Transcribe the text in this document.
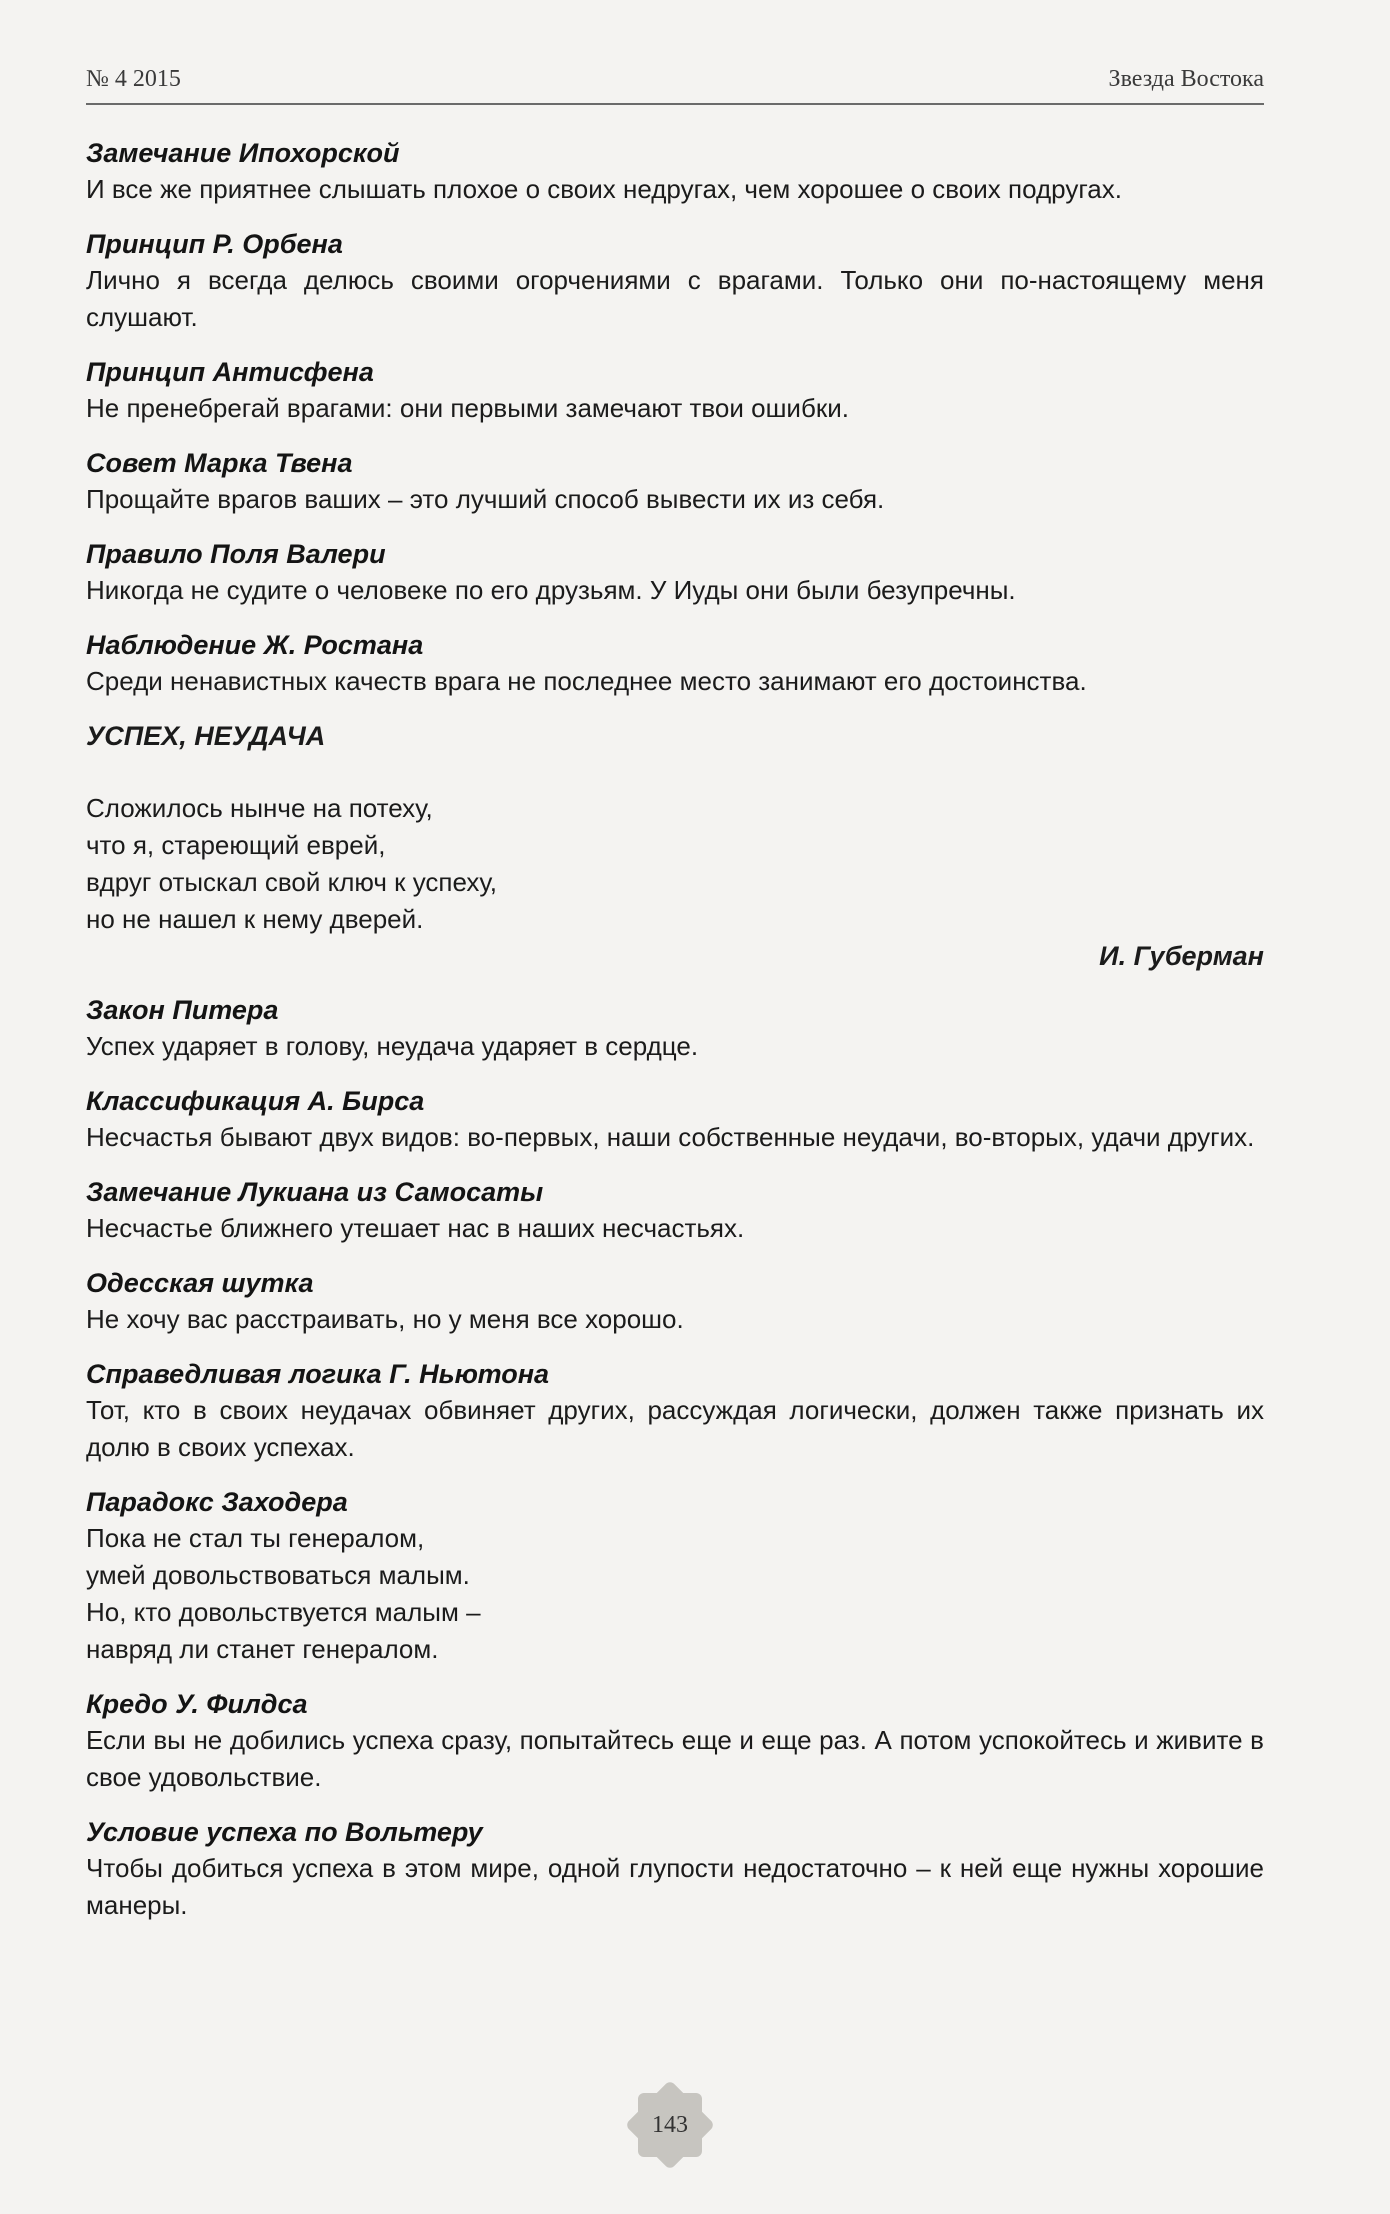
№ 4 2015	Звезда Востока
Замечание Ипохорской
И все же приятнее слышать плохое о своих недругах, чем хорошее о своих подругах.
Принцип Р. Орбена
Лично я всегда делюсь своими огорчениями с врагами. Только они по-настоящему меня слушают.
Принцип Антисфена
Не пренебрегай врагами: они первыми замечают твои ошибки.
Совет Марка Твена
Прощайте врагов ваших – это лучший способ вывести их из себя.
Правило Поля Валери
Никогда не судите о человеке по его друзьям. У Иуды они были безупречны.
Наблюдение Ж. Ростана
Среди ненавистных качеств врага не последнее место занимают его достоинства.
УСПЕХ, НЕУДАЧА
Сложилось нынче на потеху,
что я, стареющий еврей,
вдруг отыскал свой ключ к успеху,
но не нашел к нему дверей.
И. Губерман
Закон Питера
Успех ударяет в голову, неудача ударяет в сердце.
Классификация А. Бирса
Несчастья бывают двух видов: во-первых, наши собственные неудачи, во-вторых, удачи других.
Замечание Лукиана из Самосаты
Несчастье ближнего утешает нас в наших несчастьях.
Одесская шутка
Не хочу вас расстраивать, но у меня все хорошо.
Справедливая логика Г. Ньютона
Тот, кто в своих неудачах обвиняет других, рассуждая логически, должен также признать их долю в своих успехах.
Парадокс Заходера
Пока не стал ты генералом,
умей довольствоваться малым.
Но, кто довольствуется малым –
навряд ли станет генералом.
Кредо У. Филдса
Если вы не добились успеха сразу, попытайтесь еще и еще раз. А потом успокойтесь и живите в свое удовольствие.
Условие успеха по Вольтеру
Чтобы добиться успеха в этом мире, одной глупости недостаточно – к ней еще нужны хорошие манеры.
143
